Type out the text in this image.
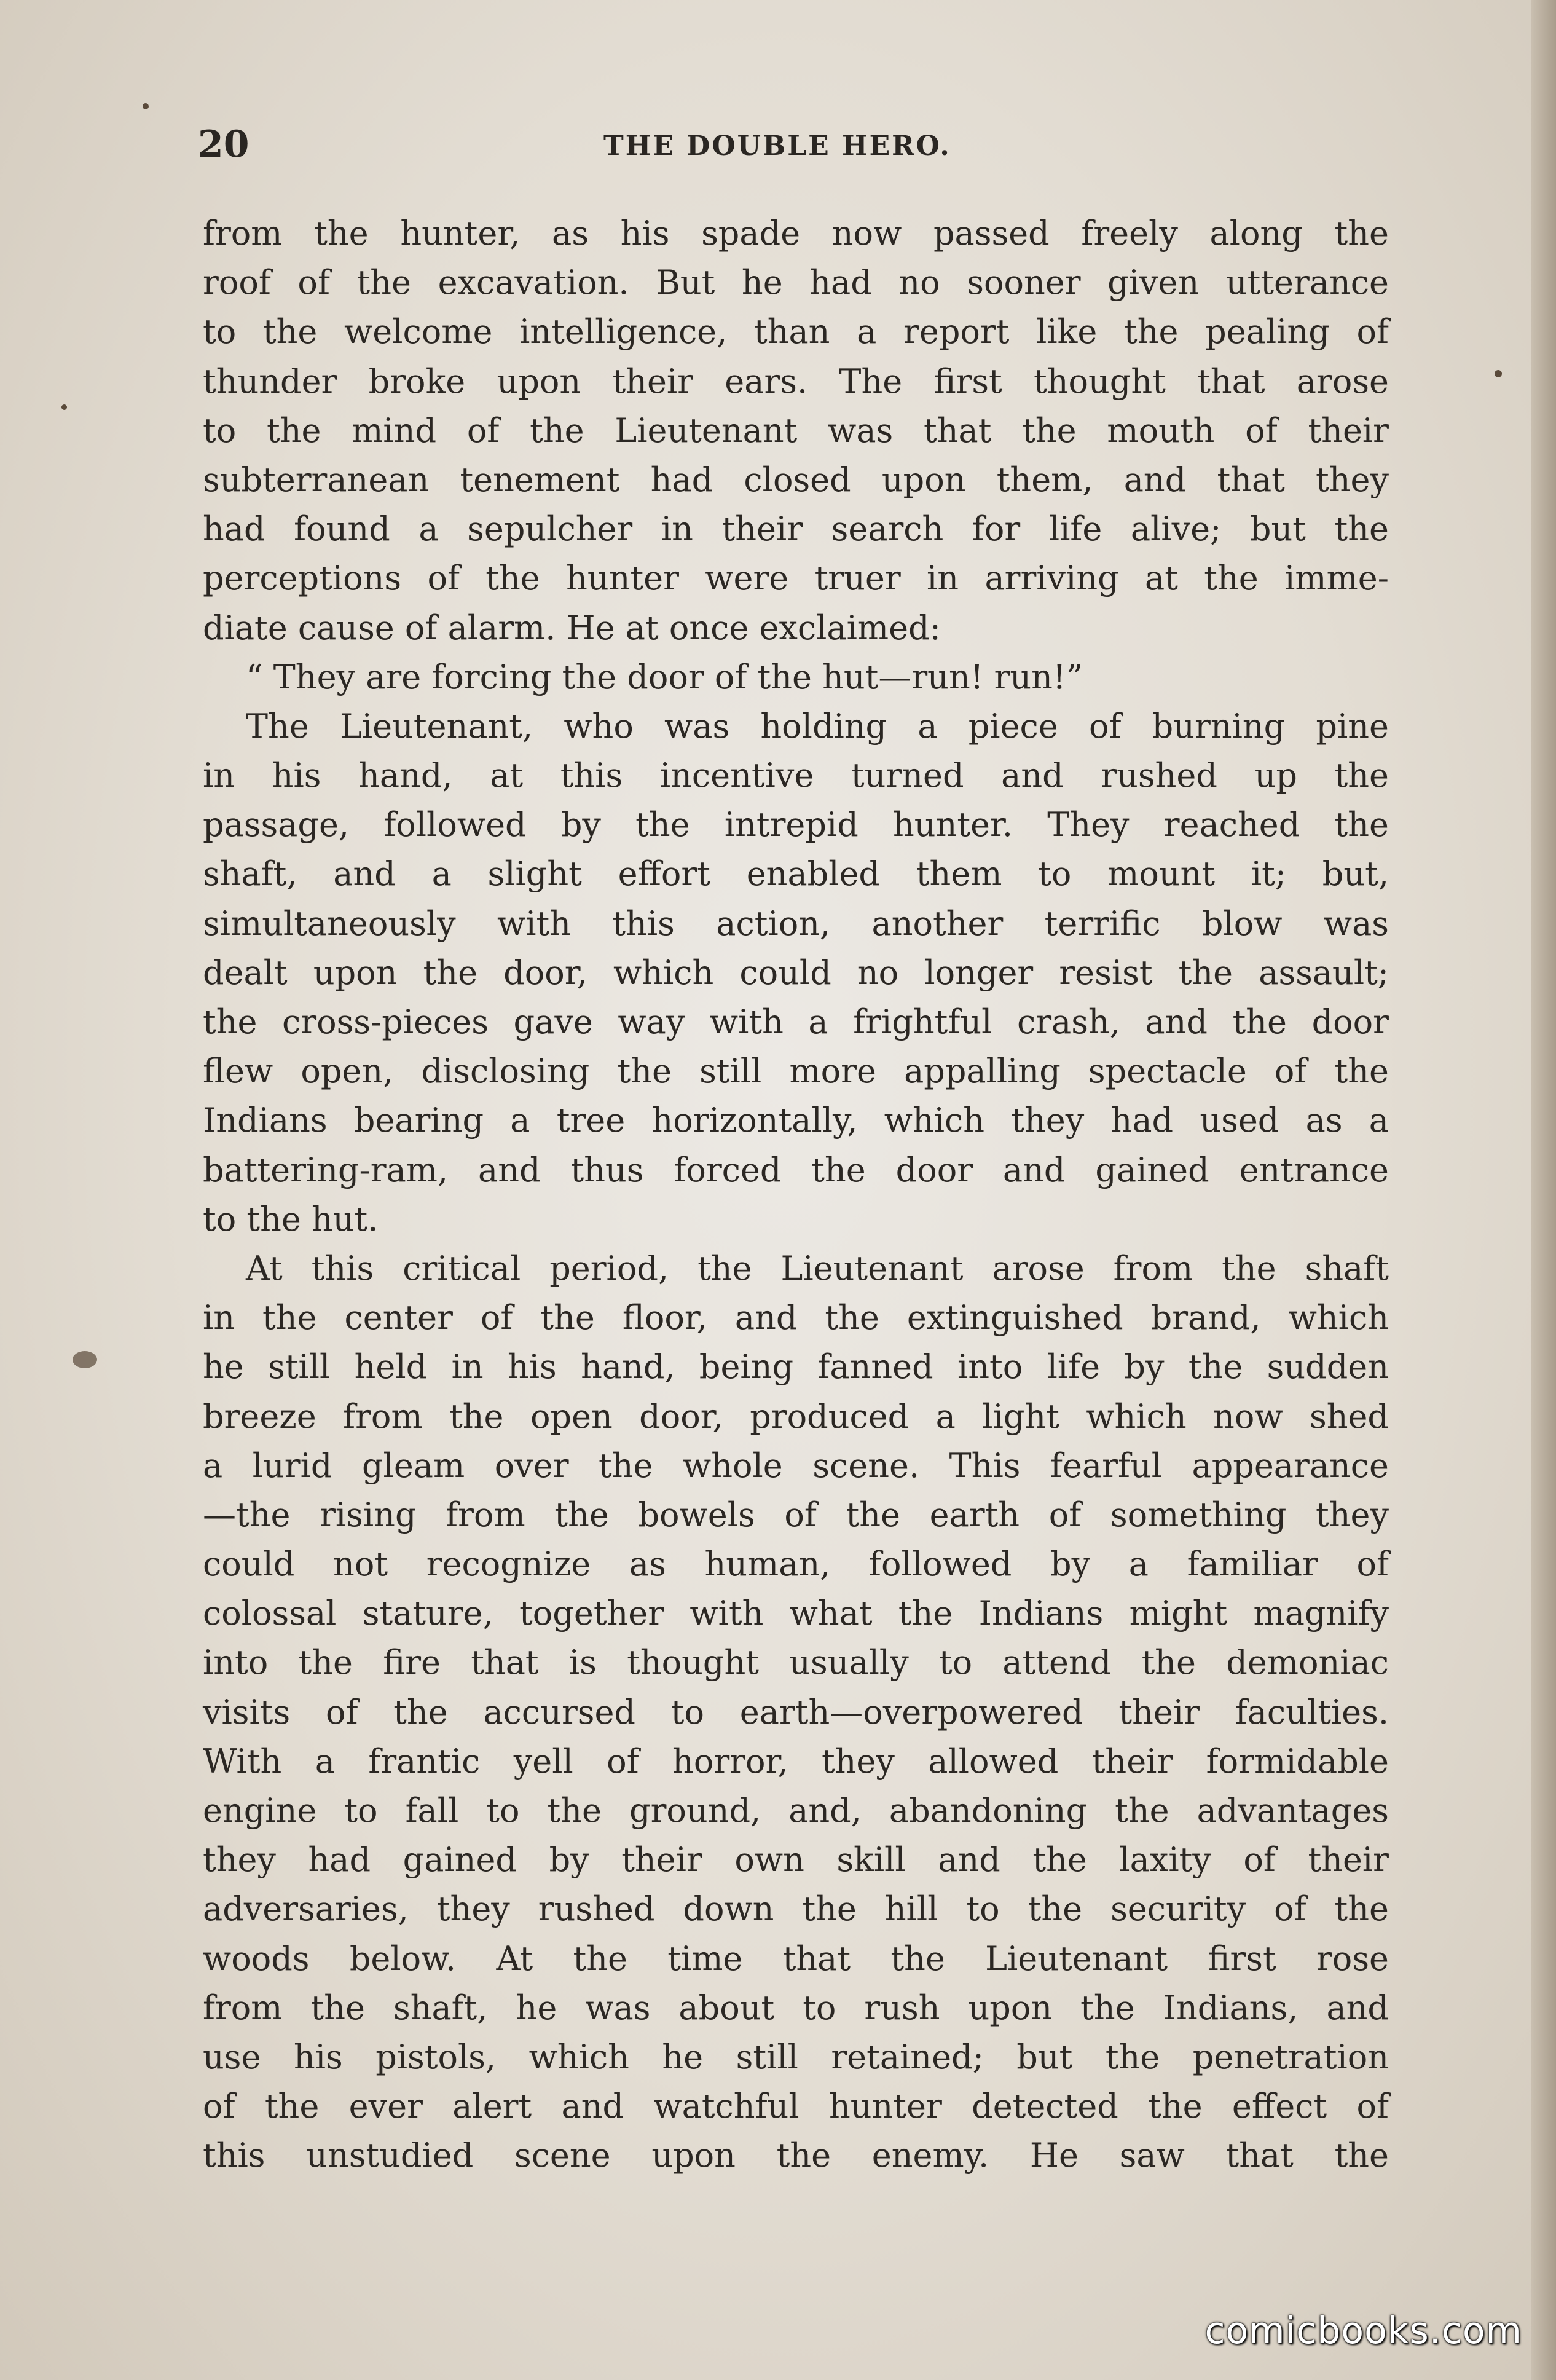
20	THE DOUBLE HERO.
from the hunter, as his spade now passed freely along the
roof of the excavation. But he had no sooner given utterance
to the welcome intelligence, than a report like the pealing of
thunder broke upon their ears. The first thought that arose
to the mind of the Lieutenant was that the mouth of their
subterranean tenement had closed upon them, and that they
had found a sepulcher in their search for life alive; but the
perceptions of the hunter were truer in arriving at the imme-
diate cause of alarm. He at once exclaimed:
“ They are forcing the door of the hut—run! run!”
The Lieutenant, who was holding a piece of burning pine
in his hand, at this incentive turned and rushed up the
passage, followed by the intrepid hunter. They reached the
shaft, and a slight effort enabled them to mount it; but,
simultaneously with this action, another terrific blow was
dealt upon the door, which could no longer resist the assault;
the cross-pieces gave way with a frightful crash, and the door
flew open, disclosing the still more appalling spectacle of the
Indians bearing a tree horizontally, which they had used as a
battering-ram, and thus forced the door and gained entrance
to the hut.
At this critical period, the Lieutenant arose from the shaft
in the center of the floor, and the extinguished brand, which
he still held in his hand, being fanned into life by the sudden
breeze from the open door, produced a light which now shed
a lurid gleam over the whole scene. This fearful appearance
—the rising from the bowels of the earth of something they
could not recognize as human, followed by a familiar of
colossal stature, together with what the Indians might magnify
into the fire that is thought usually to attend the demoniac
visits of the accursed to earth—overpowered their faculties.
With a frantic yell of horror, they allowed their formidable
engine to fall to the ground, and, abandoning the advantages
they had gained by their own skill and the laxity of their
adversaries, they rushed down the hill to the security of the
woods below. At the time that the Lieutenant first rose
from the shaft, he was about to rush upon the Indians, and
use his pistols, which he still retained; but the penetration
of the ever alert and watchful hunter detected the effect of
this unstudied scene upon the enemy. He saw that the
comicbooks.com
